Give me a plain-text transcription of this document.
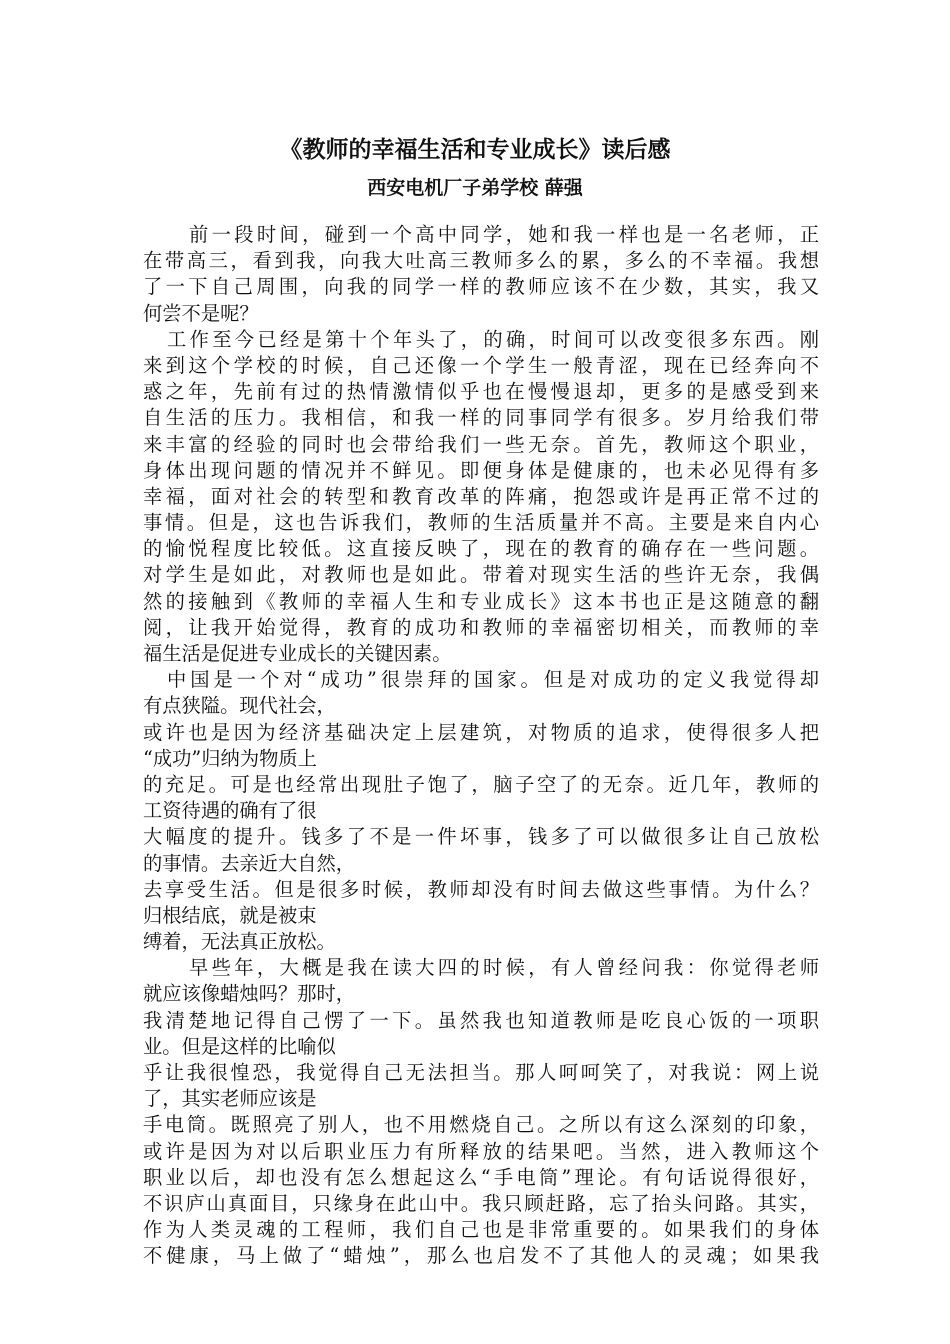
《教师的幸福生活和专业成长》读后感
西安电机厂子弟学校 薛强
前一段时间，碰到一个高中同学，她和我一样也是一名老师，正
在带高三，看到我，向我大吐高三教师多么的累，多么的不幸福。我想
了一下自己周围，向我的同学一样的教师应该不在少数，其实，我又
何尝不是呢？
工作至今已经是第十个年头了，的确，时间可以改变很多东西。刚
来到这个学校的时候，自己还像一个学生一般青涩，现在已经奔向不
惑之年，先前有过的热情激情似乎也在慢慢退却，更多的是感受到来
自生活的压力。我相信，和我一样的同事同学有很多。岁月给我们带
来丰富的经验的同时也会带给我们一些无奈。首先，教师这个职业，
身体出现问题的情况并不鲜见。即便身体是健康的，也未必见得有多
幸福，面对社会的转型和教育改革的阵痛，抱怨或许是再正常不过的
事情。但是，这也告诉我们，教师的生活质量并不高。主要是来自内心
的愉悦程度比较低。这直接反映了，现在的教育的确存在一些问题。
对学生是如此，对教师也是如此。带着对现实生活的些许无奈，我偶
然的接触到《教师的幸福人生和专业成长》这本书也正是这随意的翻
阅，让我开始觉得，教育的成功和教师的幸福密切相关，而教师的幸
福生活是促进专业成长的关键因素。
中国是一个对“成功”很崇拜的国家。但是对成功的定义我觉得却
有点狭隘。现代社会，
或许也是因为经济基础决定上层建筑，对物质的追求，使得很多人把
“成功”归纳为物质上
的充足。可是也经常出现肚子饱了，脑子空了的无奈。近几年，教师的
工资待遇的确有了很
大幅度的提升。钱多了不是一件坏事，钱多了可以做很多让自己放松
的事情。去亲近大自然，
去享受生活。但是很多时候，教师却没有时间去做这些事情。为什么？
归根结底，就是被束
缚着，无法真正放松。
早些年，大概是我在读大四的时候，有人曾经问我：你觉得老师
就应该像蜡烛吗？那时，
我清楚地记得自己愣了一下。虽然我也知道教师是吃良心饭的一项职
业。但是这样的比喻似
乎让我很惶恐，我觉得自己无法担当。那人呵呵笑了，对我说：网上说
了，其实老师应该是
手电筒。既照亮了别人，也不用燃烧自己。之所以有这么深刻的印象，
或许是因为对以后职业压力有所释放的结果吧。当然，进入教师这个
职业以后，却也没有怎么想起这么“手电筒”理论。有句话说得很好，
不识庐山真面目，只缘身在此山中。我只顾赶路，忘了抬头问路。其实，
作为人类灵魂的工程师，我们自己也是非常重要的。如果我们的身体
不健康，马上做了“蜡烛”，那么也启发不了其他人的灵魂；如果我
